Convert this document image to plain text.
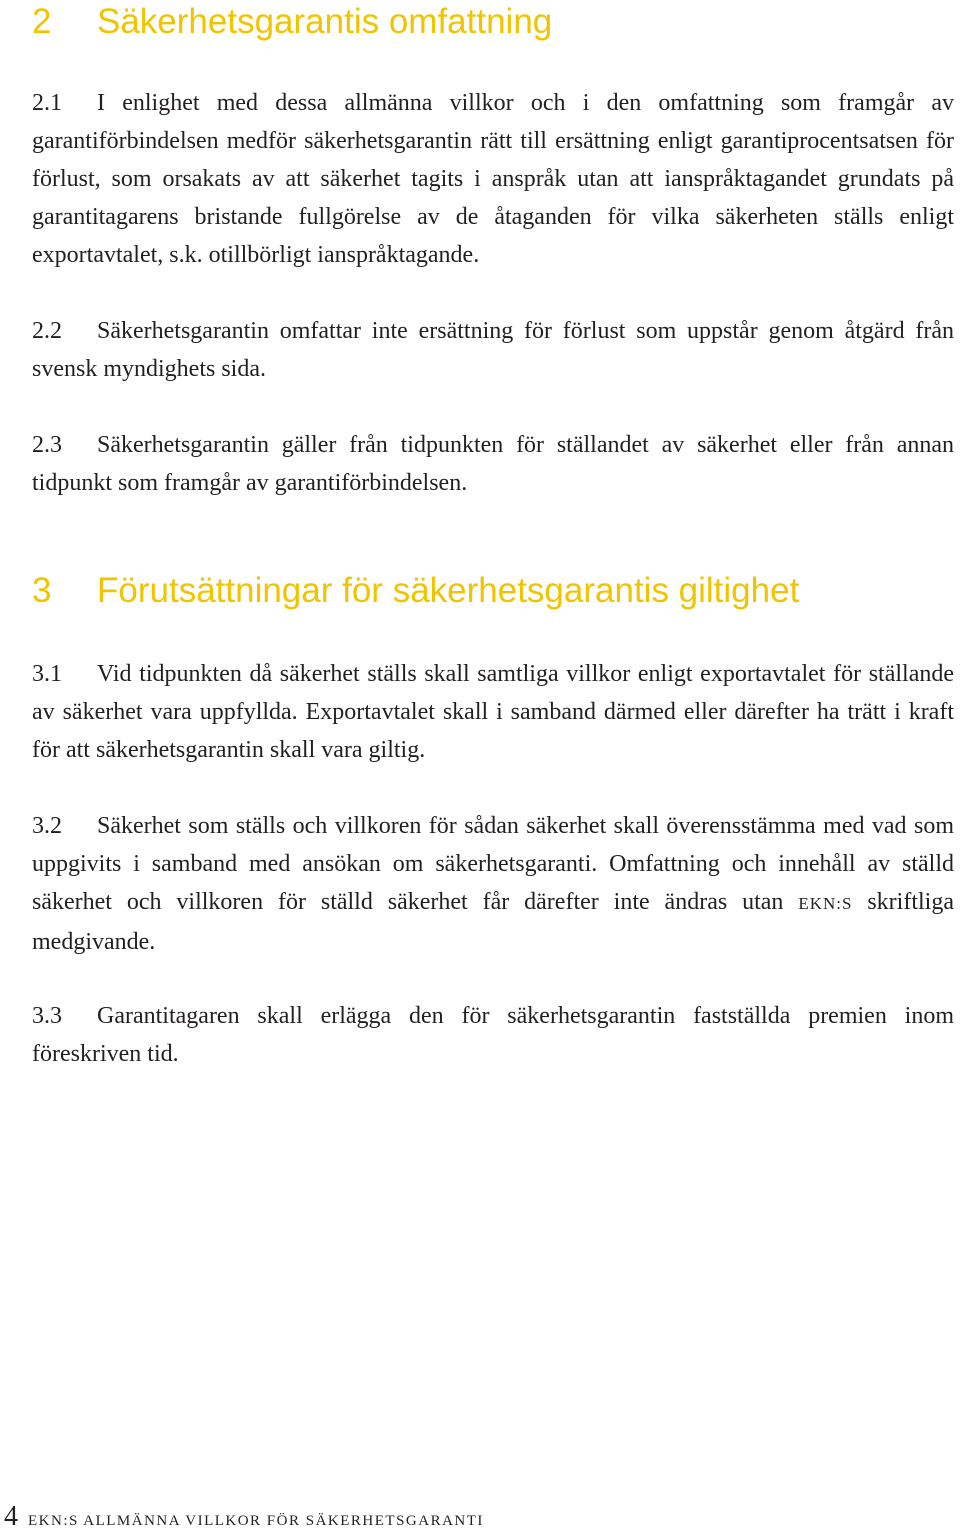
2 Säkerhetsgarantis omfattning

2.1 I enlighet med dessa allmänna villkor och i den omfattning som framgår av garantiförbindelsen medför säkerhetsgarantin rätt till ersättning enligt garantiprocentsatsen för förlust, som orsakats av att säkerhet tagits i anspråk utan att ianspråktagandet grundats på garantitagarens bristande fullgörelse av de åtaganden för vilka säkerheten ställs enligt exportavtalet, s.k. otillbörligt ianspråktagande.

2.2 Säkerhetsgarantin omfattar inte ersättning för förlust som uppstår genom åtgärd från svensk myndighets sida.

2.3 Säkerhetsgarantin gäller från tidpunkten för ställandet av säkerhet eller från annan tidpunkt som framgår av garantiförbindelsen.

3 Förutsättningar för säkerhetsgarantis giltighet

3.1 Vid tidpunkten då säkerhet ställs skall samtliga villkor enligt exportavtalet för ställande av säkerhet vara uppfyllda. Exportavtalet skall i samband därmed eller därefter ha trätt i kraft för att säkerhetsgarantin skall vara giltig.

3.2 Säkerhet som ställs och villkoren för sådan säkerhet skall överensstämma med vad som uppgivits i samband med ansökan om säkerhetsgaranti. Omfattning och innehåll av ställd säkerhet och villkoren för ställd säkerhet får därefter inte ändras utan EKN:S skriftliga medgivande.

3.3 Garantitagaren skall erlägga den för säkerhetsgarantin fastställda premien inom föreskriven tid.

4 EKN:S ALLMÄNNA VILLKOR FÖR SÄKERHETSGARANTI
